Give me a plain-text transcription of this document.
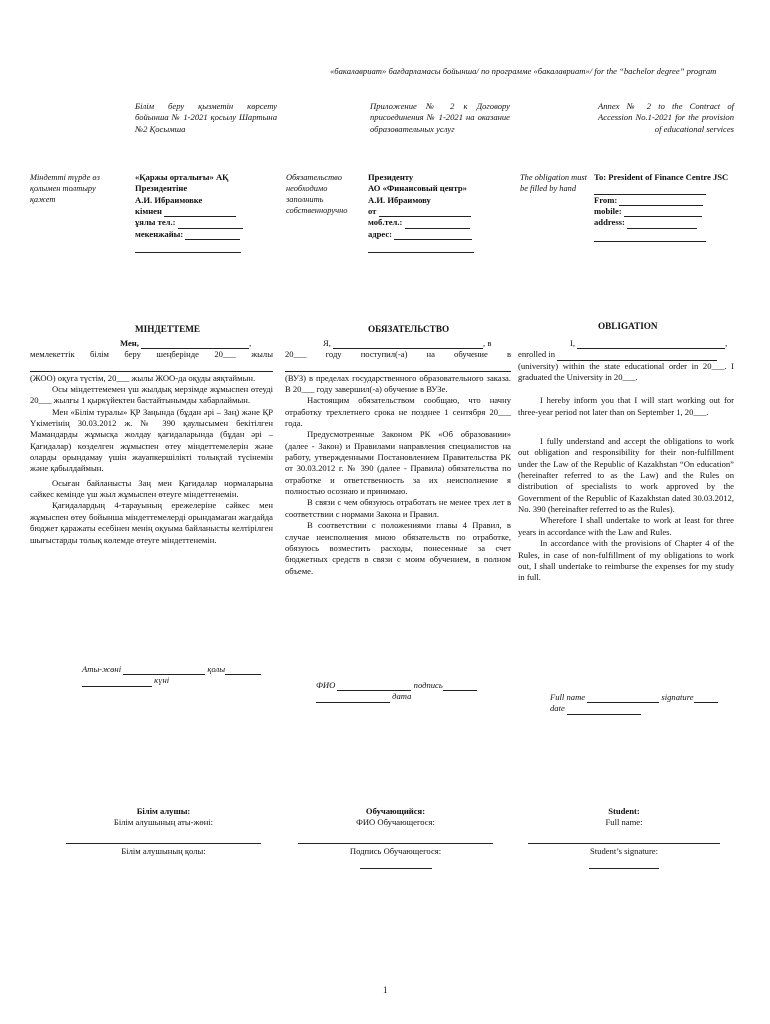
«бакалавриат» бағдарламасы бойынша/ по программе «бакалавриат»/ for the “bachelor degree” program
Білім беру қызметін көрсету бойынша № 1-2021 қосылу Шартына №2 Қосымша
Приложение № 2 к Договору присоединения № 1-2021 на оказание образовательных услуг
Annex № 2 to the Contract of Accession No.1-2021 for the provision of educational services
Міндетті түрде өз қолымен толтыру қажет
Обязательство необходимо заполнить собственноручно
The obligation must be filled by hand
«Қаржы орталығы» АҚ
Президентіне
А.И. Ибраимовке
кімнен
ұялы тел.:
мекенжайы:
Президенту
АО «Финансовый центр»
А.И. Ибраимову
от
моб.тел.:
адрес:
To: President of Finance Centre JSC
From:
mobile:
address:
МІНДЕТТЕМЕ	ОБЯЗАТЕЛЬСТВО	OBLIGATION
Мен,	,

мемлекеттік білім беру шеңберінде 20___ жылы

(ЖОО) оқуға түстім, 20___ жылы ЖОО-да оқуды аяқтаймын.

Осы міндеттемемен үш жылдық мерзімде жұмыспен өтеуді 20___ жылғы 1 қыркүйектен бастайтынымды хабарлаймын.

Мен «Білім туралы» ҚР Заңында (бұдан әрі – Заң) және ҚР Үкіметінің 30.03.2012 ж. № 390 қаулысымен бекітілген Мамандарды жұмысқа жолдау қағидаларында (бұдан әрі – Қағидалар) көзделген жұмыспен өтеу міндеттемелерін және оларды орындамау үшін жауапкершілікті толықтай түсінемін және қабылдаймын.

Осыған байланысты Заң мен Қағидалар нормаларына сәйкес кемінде үш жыл жұмыспен өтеуге міндеттенемін.

Қағидалардың 4-тарауының ережелеріне сәйкес мен жұмыспен өтеу бойынша міндеттемелерді орындамаған жағдайда бюджет қаражаты есебінен менің оқуыма байланысты келтірілген шығыстарды толық көлемде өтеуге міндеттенемін.

Аты-жөні	қолы
күні
Я,	, в

20___ году поступил(-а) на обучение в

(ВУЗ) в пределах государственного образовательного заказа. В 20___ году завершил(-а) обучение в ВУЗе.

Настоящим обязательством сообщаю, что начну отработку трехлетнего срока не позднее 1 сентября 20___ года.

Предусмотренные Законом РК «Об образовании» (далее - Закон) и Правилами направления специалистов на работу, утвержденными Постановлением Правительства РК от 30.03.2012 г. № 390 (далее - Правила) обязательства по отработке и ответственность за их неисполнение я полностью осознаю и принимаю.

В связи с чем обязуюсь отработать не менее трех лет в соответствии с нормами Закона и Правил.

В соответствии с положениями главы 4 Правил, в случае неисполнения мною обязательств по отработке, обязуюсь возместить расходы, понесенные за счет бюджетных средств в связи с моим обучением, в полном объеме.

ФИО	подпись
дата
I,	,
enrolled in

(university) within the state educational order in 20___. I graduated the University in 20___.

I hereby inform you that I will start working out for three-year period not later than on September 1, 20___.

I fully understand and accept the obligations to work out obligation and responsibility for their non-fulfillment under the Law of the Republic of Kazakhstan “On education” (hereinafter referred to as the Law) and the Rules on distribution of specialists to work approved by the Government of the Republic of Kazakhstan dated 30.03.2012, No. 390 (hereinafter referred to as the Rules).

Wherefore I shall undertake to work at least for three years in accordance with the Law and Rules.

In accordance with the provisions of Chapter 4 of the Rules, in case of non-fulfillment of my obligations to work out, I shall undertake to reimburse the expenses for my study in full.

Full name	signature
date
Білім алушы:
Білім алушының аты-жөні:
Білім алушының қолы:
Обучающийся:
ФИО Обучающегося:
Подпись Обучающегося:
Student:
Full name:
Student’s signature:
1
